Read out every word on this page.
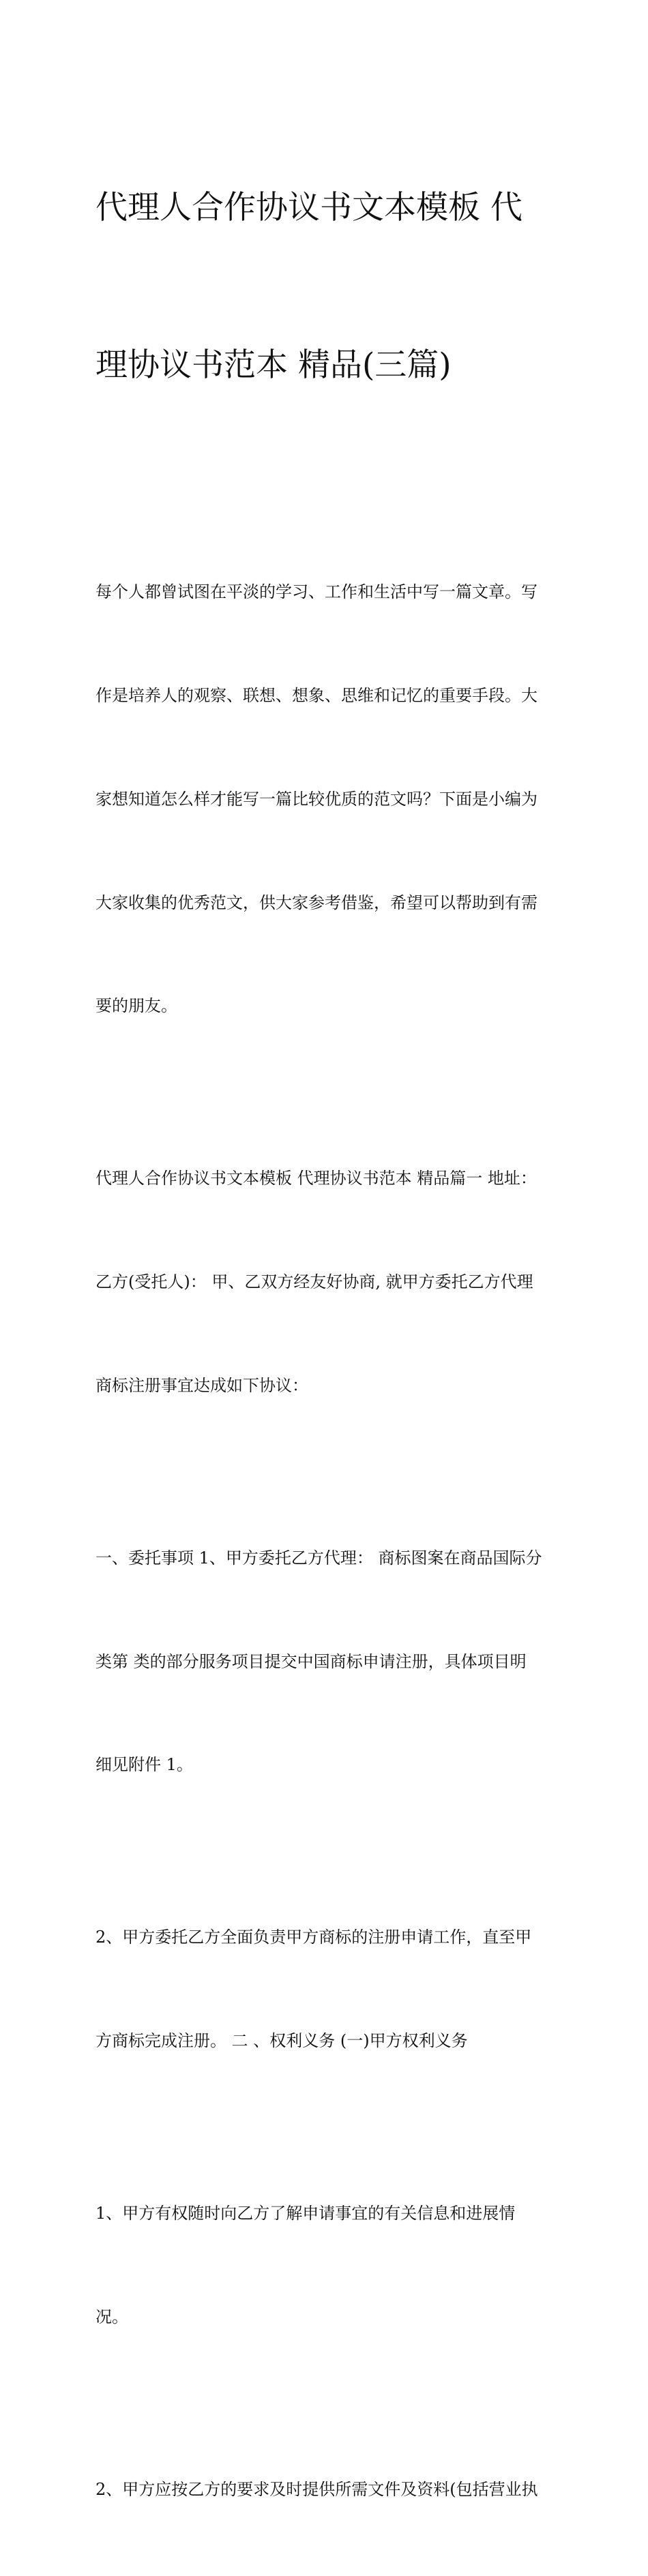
代理人合作协议书文本模板 代

理协议书范本 精品(三篇)

每个人都曾试图在平淡的学习、工作和生活中写一篇文章。写

作是培养人的观察、联想、想象、思维和记忆的重要手段。大

家想知道怎么样才能写一篇比较优质的范文吗？下面是小编为

大家收集的优秀范文，供大家参考借鉴，希望可以帮助到有需

要的朋友。

代理人合作协议书文本模板 代理协议书范本 精品篇一 地址：

乙方(受托人)： 甲、乙双方经友好协商, 就甲方委托乙方代理

商标注册事宜达成如下协议：

一、委托事项 1、甲方委托乙方代理： 商标图案在商品国际分

类第 类的部分服务项目提交中国商标申请注册，具体项目明

细见附件 1。

2、甲方委托乙方全面负责甲方商标的注册申请工作，直至甲

方商标完成注册。 二 、权利义务 (一)甲方权利义务

1、甲方有权随时向乙方了解申请事宜的有关信息和进展情

况。

2、甲方应按乙方的要求及时提供所需文件及资料(包括营业执
